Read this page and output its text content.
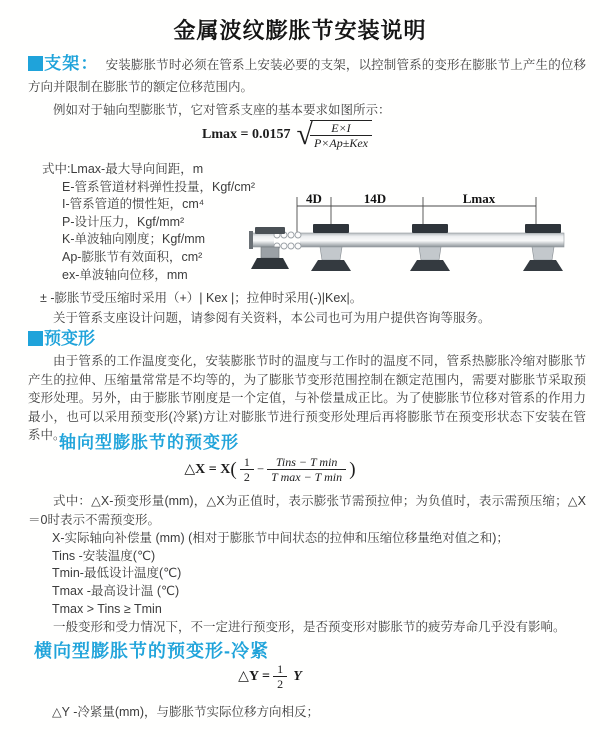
金属波纹膨胀节安装说明

支架： 安装膨胀节时必须在管系上安装必要的支架，以控制管系的变形在膨胀节上产生的位移方向并限制在膨胀节的额定位移范围内。

例如对于轴向型膨胀节，它对管系支座的基本要求如图所示：

Lmax = 0.0157 √
$\frac{E\times I}{\text{P×Ap±Kex}}$
式中:Lmax-最大导向间距，m
E-管系管道材料弹性投量，Kgf/cm²
I-管系管道的惯性矩，cm⁴
P-设计压力，Kgf/mm²
K-单波轴向刚度；Kgf/mm
Ap-膨胀节有效面积，cm²
ex-单波轴向位移，mm
4D	14D	Lmax

± -膨胀节受压缩时采用（+）| Kex |；拉伸时采用(-)|Kex|。

关于管系支座设计问题，请参阅有关资料，本公司也可为用户提供咨询等服务。

预变形

由于管系的工作温度变化，安装膨胀节时的温度与工作时的温度不同，管系热膨胀冷缩对膨胀节产生的拉伸、压缩量常常是不均等的，为了膨胀节变形范围控制在额定范围内，需要对膨胀节采取预变形处理。另外，由于膨胀节刚度是一个定值，与补偿量成正比。为了使膨胀节位移对管系的作用力最小，也可以采用预变形(冷紧)方让对膨胀节进行预变形处理后再将膨胀节在预变形状态下安装在管系中。

轴向型膨胀节的预变形
△X = $X( \frac{1}{2} - \frac{\text{Tins − T min}}{\text{T max − T min}}$ )

式中：△X-预变形量(mm)，△X为正值时，表示膨张节需预拉伸；为负值时，表示需预压缩；△X＝0时表示不需预变形。

X-实际轴向补偿量 (mm) (相对于膨胀节中间状态的拉伸和压缩位移量绝对值之和)；
Tins -安装温度(℃)
Tmin-最低设计温度(℃)
Tmax -最高设计温 (℃)
Tmax > Tins ≥ Tmin

一般变形和受力情况下，不一定进行预变形，是否预变形对膨胀节的疲劳寿命几乎没有影响。

横向型膨胀节的预变形-冷紧
△Y = $\frac{1}{2}$ Y

△Y -冷紧量(mm)，与膨胀节实际位移方向相反；
